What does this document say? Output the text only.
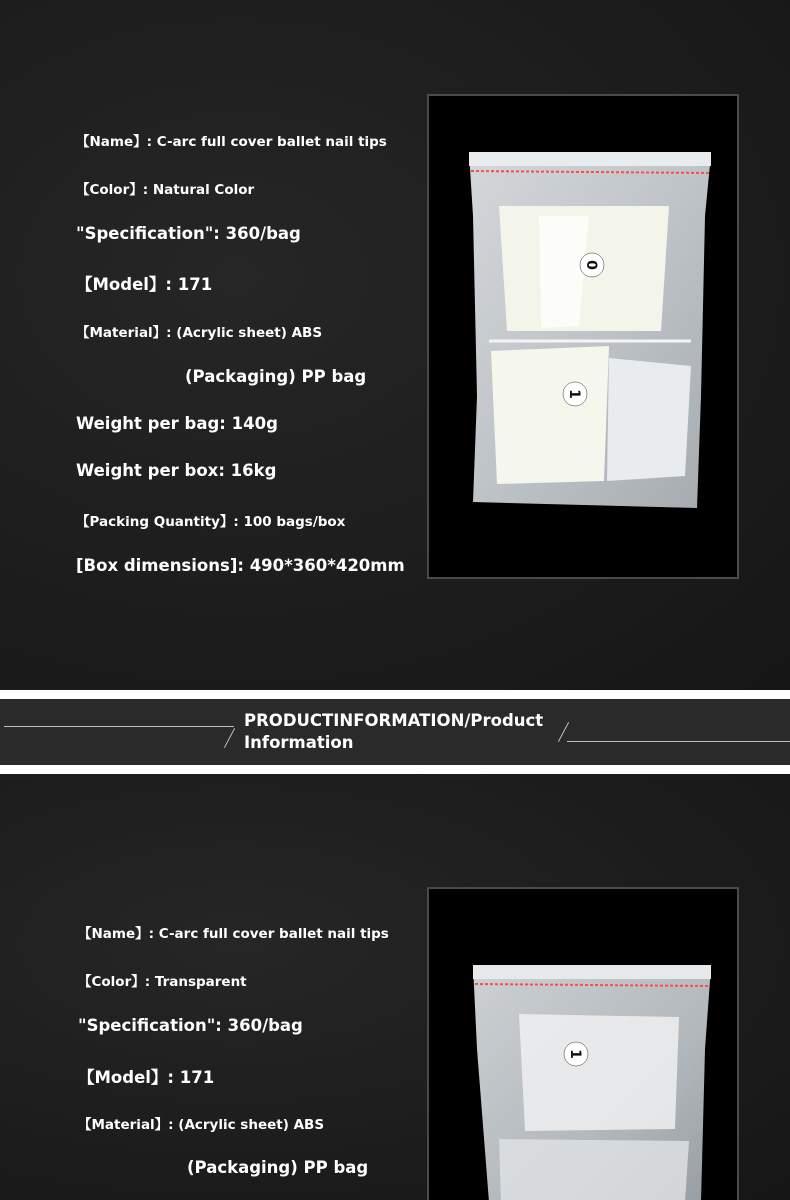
【Name】: C-arc full cover ballet nail tips
【Color】: Natural Color
"Specification": 360/bag
【Model】: 171
【Material】: (Acrylic sheet) ABS
(Packaging) PP bag
Weight per bag: 140g
Weight per box: 16kg
【Packing Quantity】: 100 bags/box
[Box dimensions]: 490*360*420mm
0
1
PRODUCTINFORMATION/Product
Information
【Name】: C-arc full cover ballet nail tips
【Color】: Transparent
"Specification": 360/bag
【Model】: 171
【Material】: (Acrylic sheet) ABS
(Packaging) PP bag
1
